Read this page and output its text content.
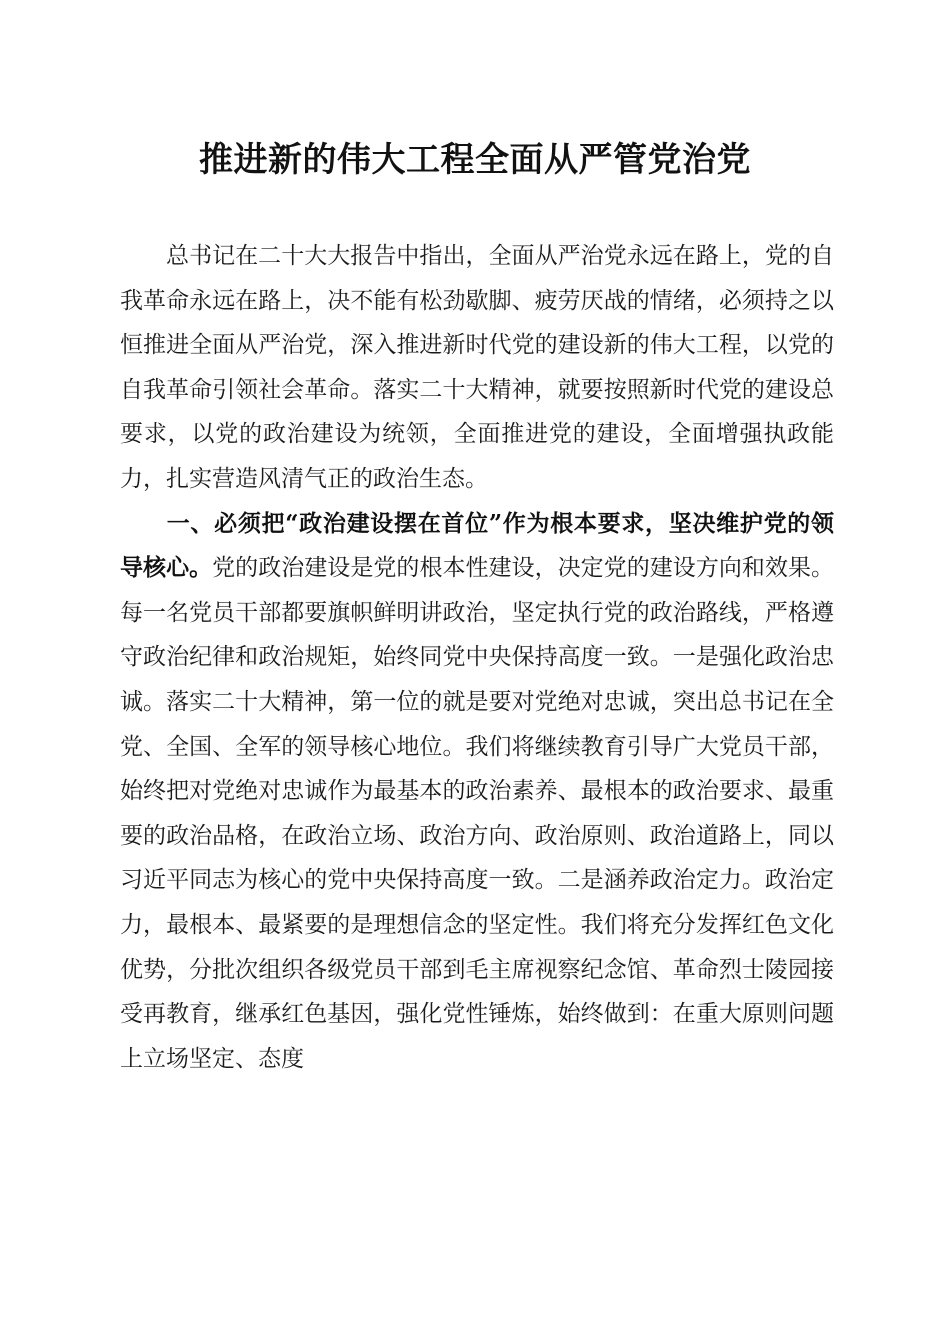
推进新的伟大工程全面从严管党治党

总书记在二十大大报告中指出，全面从严治党永远在路上，党的自我革命永远在路上，决不能有松劲歇脚、疲劳厌战的情绪，必须持之以恒推进全面从严治党，深入推进新时代党的建设新的伟大工程，以党的自我革命引领社会革命。落实二十大精神，就要按照新时代党的建设总要求，以党的政治建设为统领，全面推进党的建设，全面增强执政能力，扎实营造风清气正的政治生态。

一、必须把“政治建设摆在首位”作为根本要求，坚决维护党的领导核心。党的政治建设是党的根本性建设，决定党的建设方向和效果。每一名党员干部都要旗帜鲜明讲政治，坚定执行党的政治路线，严格遵守政治纪律和政治规矩，始终同党中央保持高度一致。一是强化政治忠诚。落实二十大精神，第一位的就是要对党绝对忠诚，突出总书记在全党、全国、全军的领导核心地位。我们将继续教育引导广大党员干部，始终把对党绝对忠诚作为最基本的政治素养、最根本的政治要求、最重要的政治品格，在政治立场、政治方向、政治原则、政治道路上，同以习近平同志为核心的党中央保持高度一致。二是涵养政治定力。政治定力，最根本、最紧要的是理想信念的坚定性。我们将充分发挥红色文化优势，分批次组织各级党员干部到毛主席视察纪念馆、革命烈士陵园接受再教育，继承红色基因，强化党性锤炼，始终做到：在重大原则问题上立场坚定、态度
